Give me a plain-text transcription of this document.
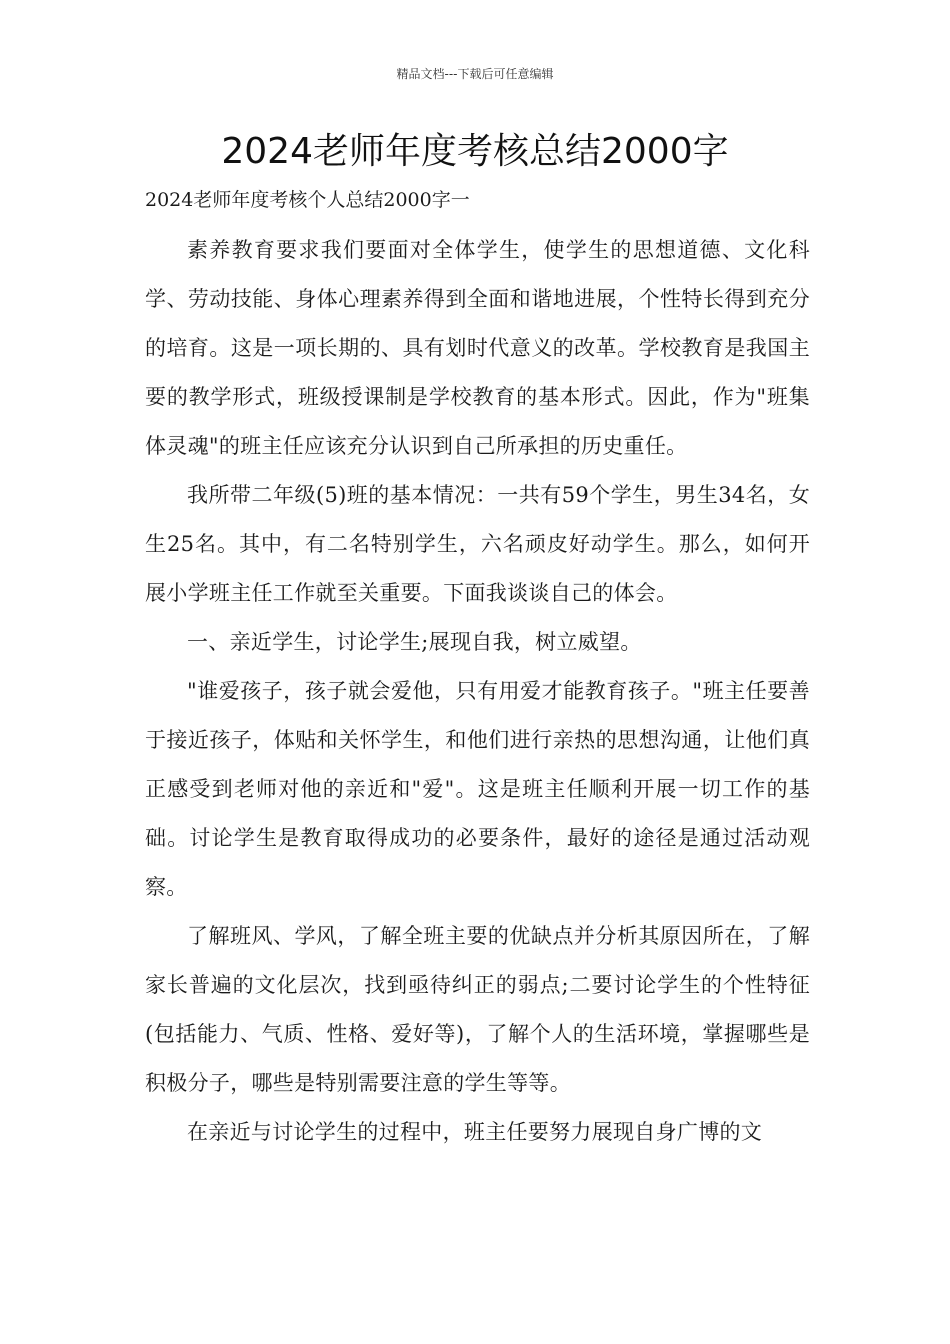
精品文档---下载后可任意编辑
2024老师年度考核总结2000字

2024老师年度考核个人总结2000字一

素养教育要求我们要面对全体学生，使学生的思想道德、文化科学、劳动技能、身体心理素养得到全面和谐地进展，个性特长得到充分的培育。这是一项长期的、具有划时代意义的改革。学校教育是我国主要的教学形式，班级授课制是学校教育的基本形式。因此，作为"班集体灵魂"的班主任应该充分认识到自己所承担的历史重任。

我所带二年级(5)班的基本情况：一共有59个学生，男生34名，女生25名。其中，有二名特别学生，六名顽皮好动学生。那么，如何开展小学班主任工作就至关重要。下面我谈谈自己的体会。

一、亲近学生，讨论学生;展现自我，树立威望。

"谁爱孩子，孩子就会爱他，只有用爱才能教育孩子。"班主任要善于接近孩子，体贴和关怀学生，和他们进行亲热的思想沟通，让他们真正感受到老师对他的亲近和"爱"。这是班主任顺利开展一切工作的基础。讨论学生是教育取得成功的必要条件，最好的途径是通过活动观察。

了解班风、学风，了解全班主要的优缺点并分析其原因所在，了解家长普遍的文化层次，找到亟待纠正的弱点;二要讨论学生的个性特征(包括能力、气质、性格、爱好等)，了解个人的生活环境，掌握哪些是积极分子，哪些是特别需要注意的学生等等。

在亲近与讨论学生的过程中，班主任要努力展现自身广博的文
